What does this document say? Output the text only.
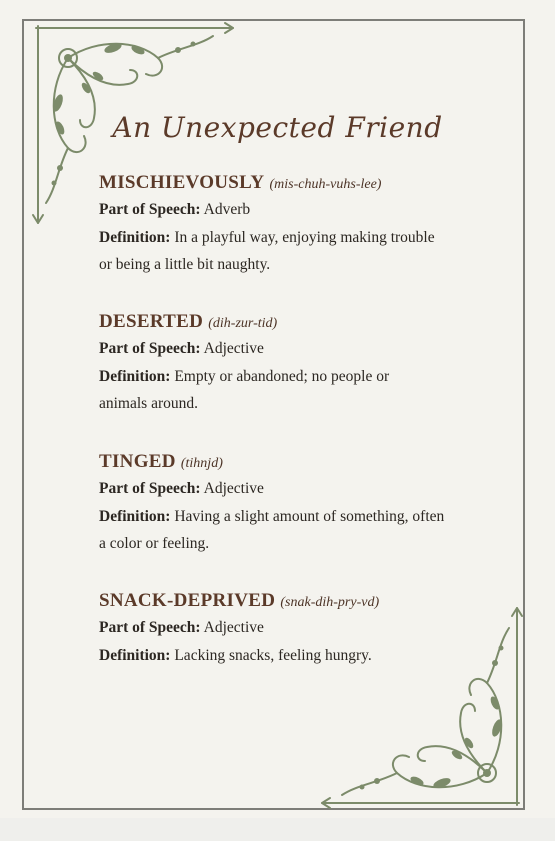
An Unexpected Friend
MISCHIEVOUSLY (mis-chuh-vuhs-lee)
Part of Speech: Adverb
Definition: In a playful way, enjoying making trouble
or being a little bit naughty.
DESERTED (dih-zur-tid)
Part of Speech: Adjective
Definition: Empty or abandoned; no people or
animals around.
TINGED (tihnjd)
Part of Speech: Adjective
Definition: Having a slight amount of something, often
a color or feeling.
SNACK-DEPRIVED (snak-dih-pry-vd)
Part of Speech: Adjective
Definition: Lacking snacks, feeling hungry.
